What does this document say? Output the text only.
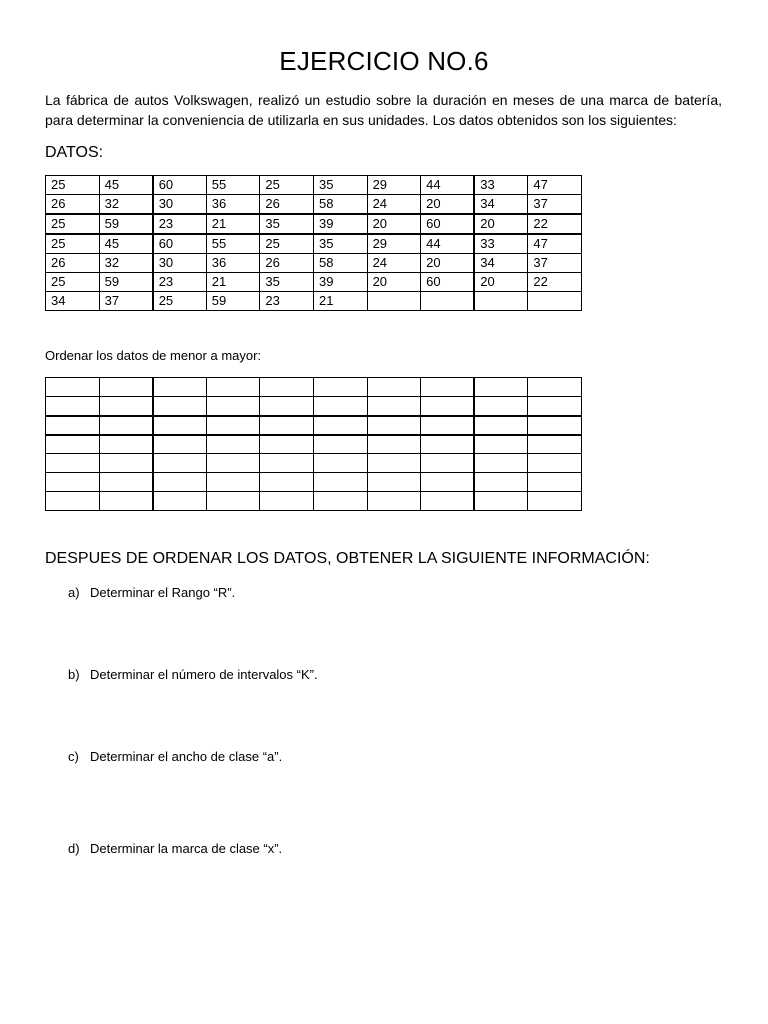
EJERCICIO NO.6
La fábrica de autos Volkswagen, realizó un estudio sobre la duración en meses de una marca de batería, para determinar la conveniencia de utilizarla en sus unidades. Los datos obtenidos son los siguientes:
DATOS:
25	45	60	55	25	35	29	44	33	47
26	32	30	36	26	58	24	20	34	37
25	59	23	21	35	39	20	60	20	22
25	45	60	55	25	35	29	44	33	47
26	32	30	36	26	58	24	20	34	37
25	59	23	21	35	39	20	60	20	22
34	37	25	59	23	21				
Ordenar los datos de menor a mayor:

DESPUES DE ORDENAR LOS DATOS, OBTENER LA SIGUIENTE INFORMACIÓN:
a) Determinar el Rango “R”.
b) Determinar el número de intervalos “K”.
c) Determinar el ancho de clase “a”.
d) Determinar la marca de clase “x”.
